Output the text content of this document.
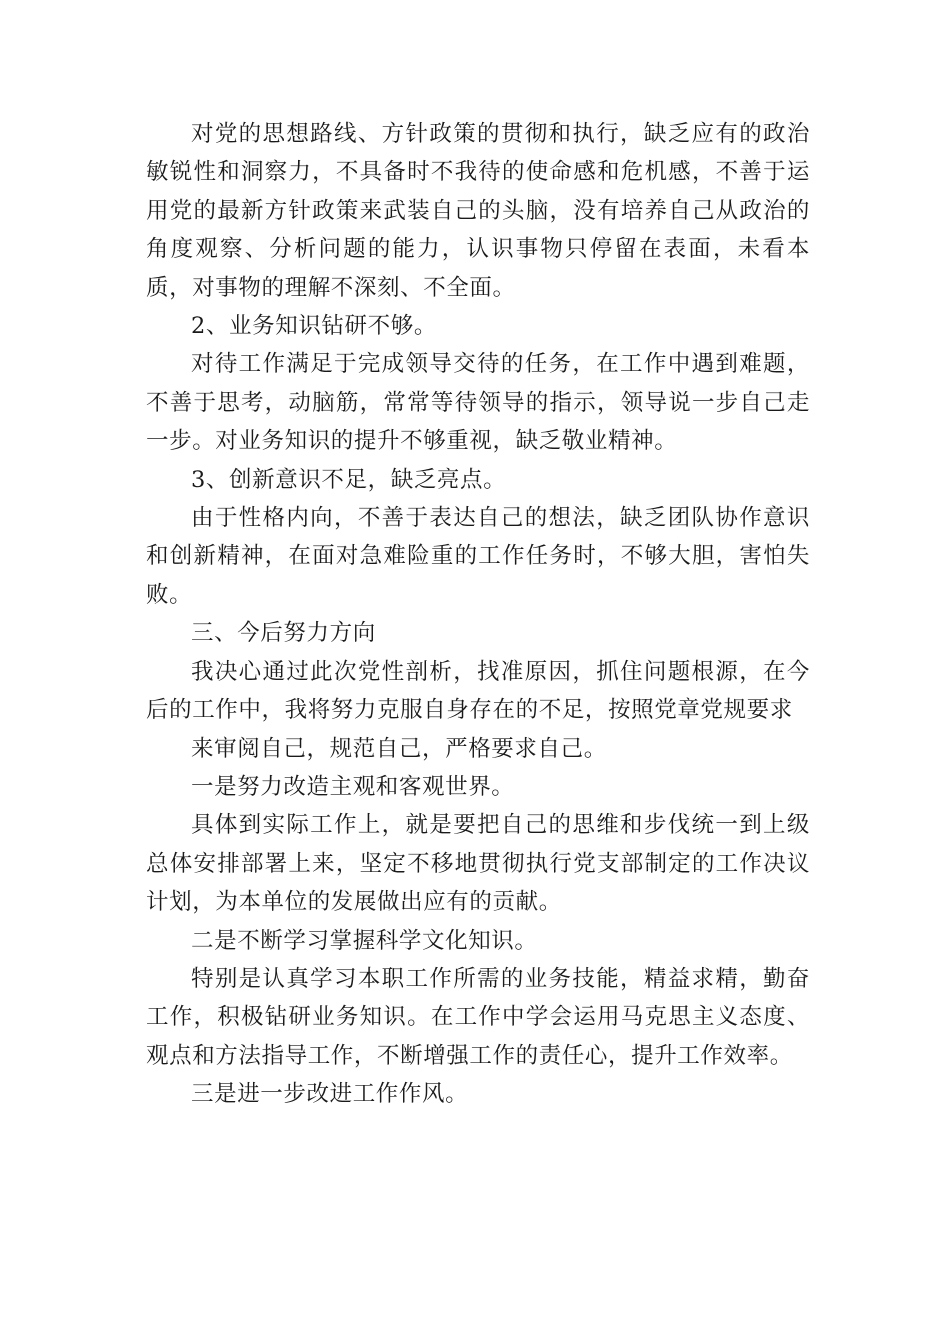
对党的思想路线、方针政策的贯彻和执行，缺乏应有的政治敏锐性和洞察力，不具备时不我待的使命感和危机感，不善于运用党的最新方针政策来武装自己的头脑，没有培养自己从政治的角度观察、分析问题的能力，认识事物只停留在表面，未看本质，对事物的理解不深刻、不全面。

2、业务知识钻研不够。

对待工作满足于完成领导交待的任务，在工作中遇到难题，不善于思考，动脑筋，常常等待领导的指示，领导说一步自己走一步。对业务知识的提升不够重视，缺乏敬业精神。

3、创新意识不足，缺乏亮点。

由于性格内向，不善于表达自己的想法，缺乏团队协作意识和创新精神，在面对急难险重的工作任务时，不够大胆，害怕失败。

三、今后努力方向

我决心通过此次党性剖析，找准原因，抓住问题根源，在今后的工作中，我将努力克服自身存在的不足，按照党章党规要求

来审阅自己，规范自己，严格要求自己。

一是努力改造主观和客观世界。

具体到实际工作上，就是要把自己的思维和步伐统一到上级总体安排部署上来，坚定不移地贯彻执行党支部制定的工作决议计划，为本单位的发展做出应有的贡献。

二是不断学习掌握科学文化知识。

特别是认真学习本职工作所需的业务技能，精益求精，勤奋工作，积极钻研业务知识。在工作中学会运用马克思主义态度、观点和方法指导工作，不断增强工作的责任心，提升工作效率。

三是进一步改进工作作风。
